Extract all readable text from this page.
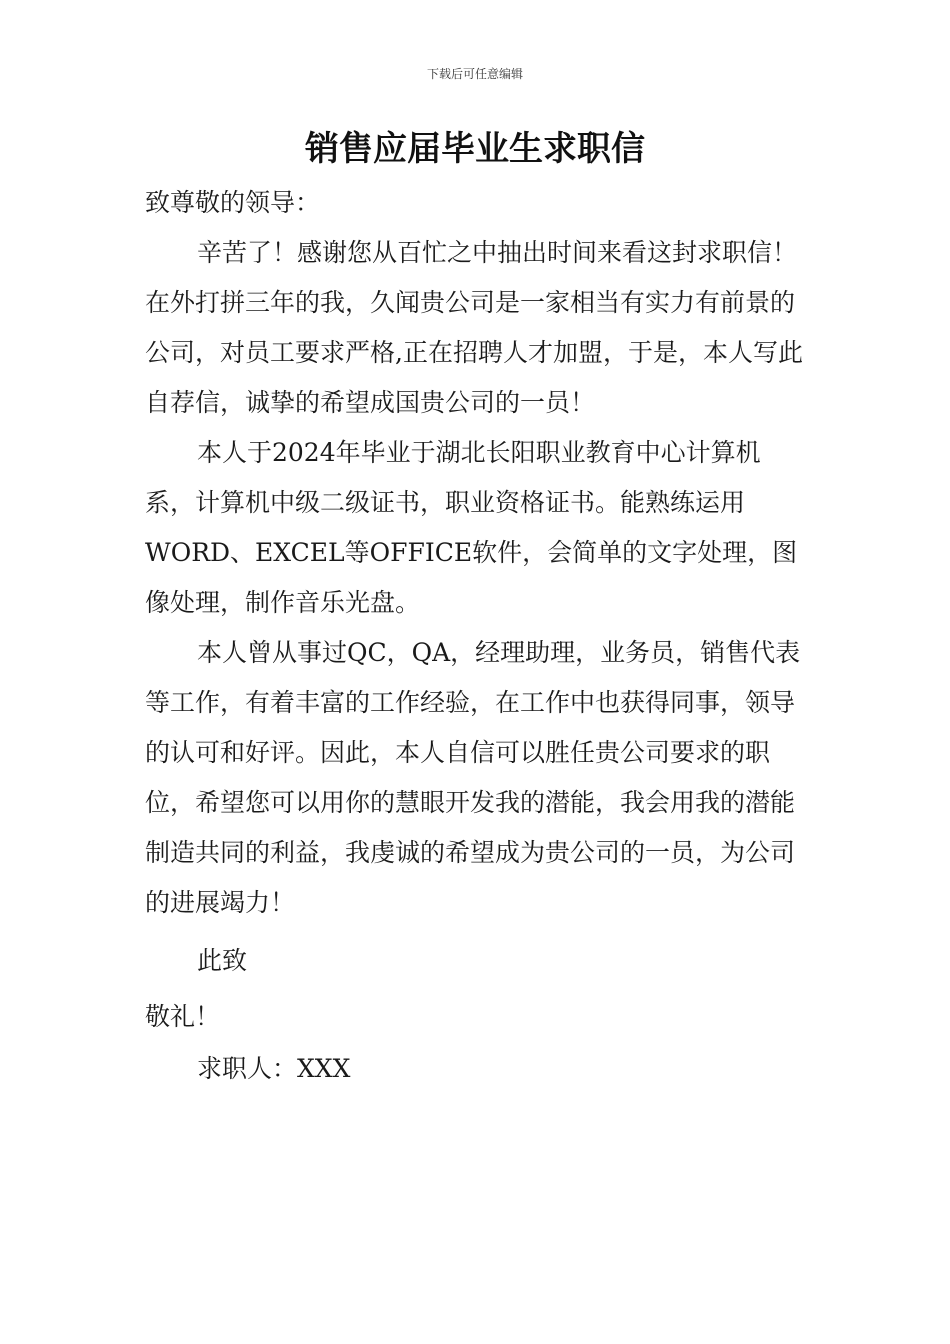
下载后可任意编辑
销售应届毕业生求职信

致尊敬的领导：

辛苦了！感谢您从百忙之中抽出时间来看这封求职信！在外打拼三年的我，久闻贵公司是一家相当有实力有前景的公司，对员工要求严格,正在招聘人才加盟，于是，本人写此自荐信，诚挚的希望成国贵公司的一员！

本人于2024年毕业于湖北长阳职业教育中心计算机系，计算机中级二级证书，职业资格证书。能熟练运用WORD、EXCEL等OFFICE软件，会简单的文字处理，图像处理，制作音乐光盘。

本人曾从事过QC，QA，经理助理，业务员，销售代表等工作，有着丰富的工作经验，在工作中也获得同事，领导的认可和好评。因此，本人自信可以胜任贵公司要求的职位，希望您可以用你的慧眼开发我的潜能，我会用我的潜能制造共同的利益，我虔诚的希望成为贵公司的一员，为公司的进展竭力！

此致

敬礼！

求职人：XXX
